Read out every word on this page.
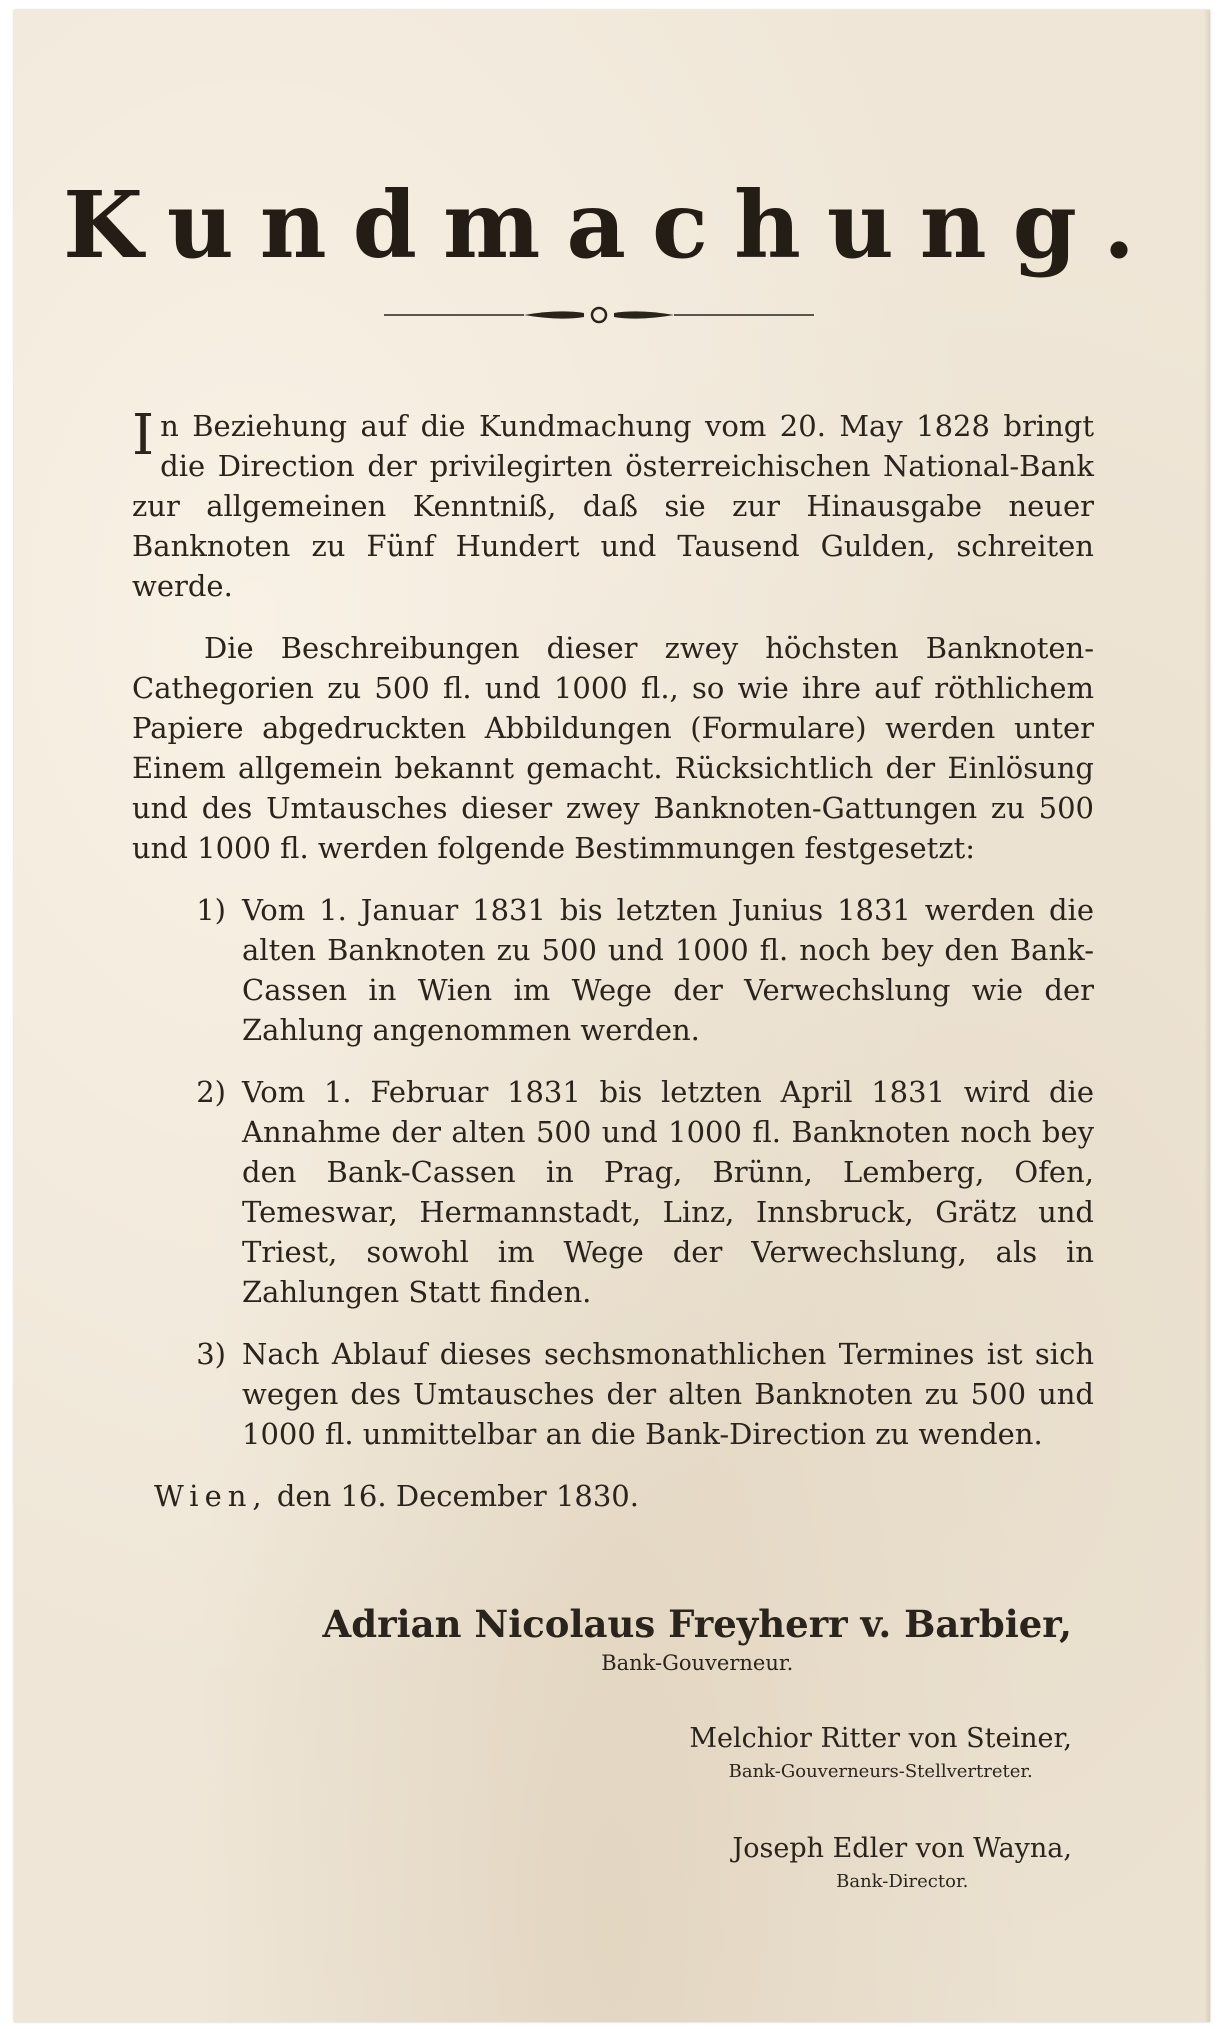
Kundmachung.

In Beziehung auf die Kundmachung vom 20. May 1828 bringt die Direction der privilegirten österreichischen National-Bank zur allgemeinen Kenntniß, daß sie zur Hinausgabe neuer Banknoten zu Fünf Hundert und Tausend Gulden, schreiten werde.

Die Beschreibungen dieser zwey höchsten Banknoten-Cathegorien zu 500 fl. und 1000 fl., so wie ihre auf röthlichem Papiere abgedruckten Abbildungen (Formulare) werden unter Einem allgemein bekannt gemacht. Rücksichtlich der Einlösung und des Umtausches dieser zwey Banknoten-Gattungen zu 500 und 1000 fl. werden folgende Bestimmungen festgesetzt:

1) Vom 1. Januar 1831 bis letzten Junius 1831 werden die alten Banknoten zu 500 und 1000 fl. noch bey den Bank-Cassen in Wien im Wege der Verwechslung wie der Zahlung angenommen werden.
2) Vom 1. Februar 1831 bis letzten April 1831 wird die Annahme der alten 500 und 1000 fl. Banknoten noch bey den Bank-Cassen in Prag, Brünn, Lemberg, Ofen, Temeswar, Hermannstadt, Linz, Innsbruck, Grätz und Triest, sowohl im Wege der Verwechslung, als in Zahlungen Statt finden.
3) Nach Ablauf dieses sechsmonathlichen Termines ist sich wegen des Umtausches der alten Banknoten zu 500 und 1000 fl. unmittelbar an die Bank-Direction zu wenden.

Wien, den 16. December 1830.

Adrian Nicolaus Freyherr v. Barbier,

Bank-Gouverneur.

Melchior Ritter von Steiner,

Bank-Gouverneurs-Stellvertreter.

Joseph Edler von Wayna,

Bank-Director.
